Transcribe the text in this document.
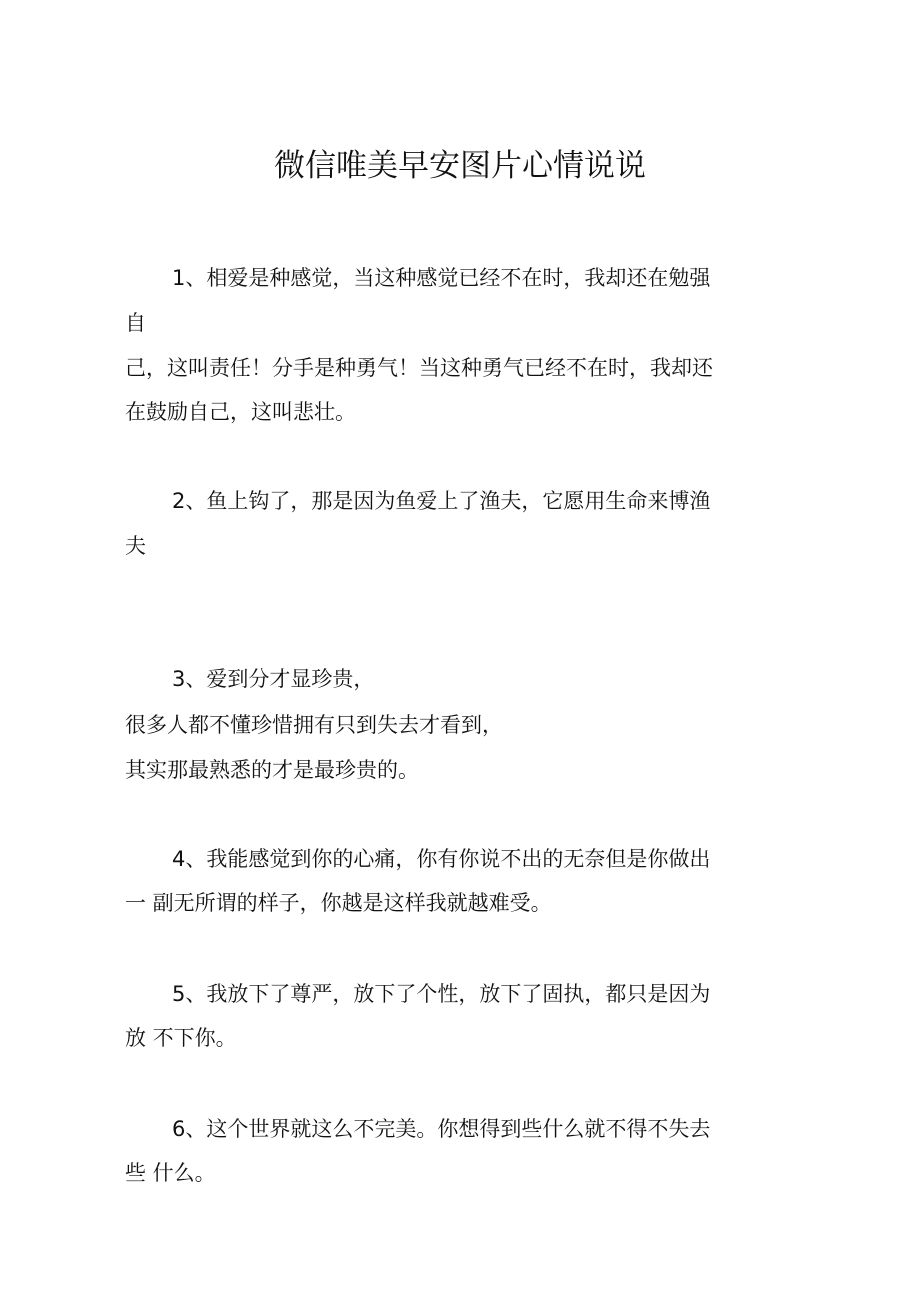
微信唯美早安图片心情说说

1、相爱是种感觉，当这种感觉已经不在时，我却还在勉强

自

己，这叫责任！分手是种勇气！当这种勇气已经不在时，我却还

在鼓励自己，这叫悲壮。

2、鱼上钩了，那是因为鱼爱上了渔夫，它愿用生命来博渔

夫

3、爱到分才显珍贵，

很多人都不懂珍惜拥有只到失去才看到，

其实那最熟悉的才是最珍贵的。

4、我能感觉到你的心痛，你有你说不出的无奈但是你做出

一 副无所谓的样子，你越是这样我就越难受。

5、我放下了尊严，放下了个性，放下了固执，都只是因为

放 不下你。

6、这个世界就这么不完美。你想得到些什么就不得不失去

些 什么。
